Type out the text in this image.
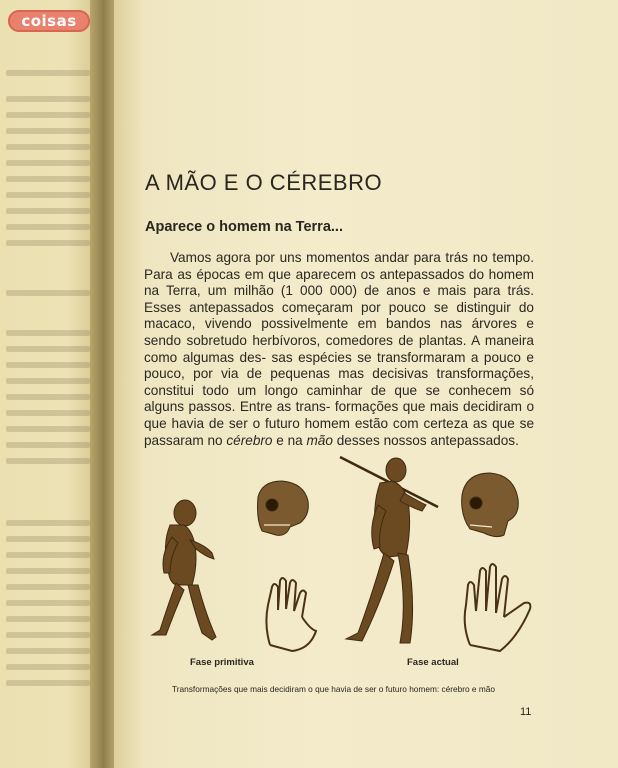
coisas
A MÃO E O CÉREBRO
Aparece o homem na Terra...

Vamos agora por uns momentos andar para trás no tempo. Para as épocas em que aparecem os antepassados do homem na Terra, um milhão (1 000 000) de anos e mais para trás. Esses antepassados começaram por pouco se distinguir do macaco, vivendo possivelmente em bandos nas árvores e sendo sobretudo herbívoros, comedores de plantas. A maneira como algumas des- sas espécies se transformaram a pouco e pouco, por via de pequenas mas decisivas transformações, constitui todo um longo caminhar de que se conhecem só alguns passos. Entre as trans- formações que mais decidiram o que havia de ser o futuro homem estão com certeza as que se passaram no cérebro e na mão desses nossos antepassados.

Fase primitiva	Fase actual

Transformações que mais decidiram o que havia de ser o futuro homem: cérebro e mão

11
